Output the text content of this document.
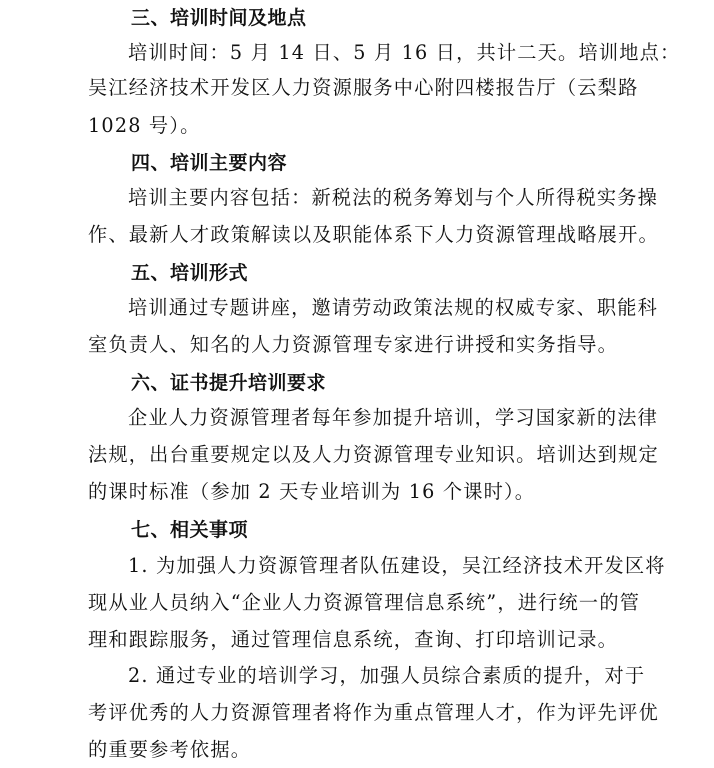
三、培训时间及地点
培训时间：5 月 14 日、5 月 16 日，共计二天。培训地点：
吴江经济技术开发区人力资源服务中心附四楼报告厅（云梨路
1028 号）。
四、培训主要内容
培训主要内容包括：新税法的税务筹划与个人所得税实务操
作、最新人才政策解读以及职能体系下人力资源管理战略展开。
五、培训形式
培训通过专题讲座，邀请劳动政策法规的权威专家、职能科
室负责人、知名的人力资源管理专家进行讲授和实务指导。
六、证书提升培训要求
企业人力资源管理者每年参加提升培训，学习国家新的法律
法规，出台重要规定以及人力资源管理专业知识。培训达到规定
的课时标准（参加 2 天专业培训为 16 个课时）。
七、相关事项
1. 为加强人力资源管理者队伍建设，吴江经济技术开发区将
现从业人员纳入“企业人力资源管理信息系统”，进行统一的管
理和跟踪服务，通过管理信息系统，查询、打印培训记录。
2. 通过专业的培训学习，加强人员综合素质的提升，对于
考评优秀的人力资源管理者将作为重点管理人才，作为评先评优
的重要参考依据。
